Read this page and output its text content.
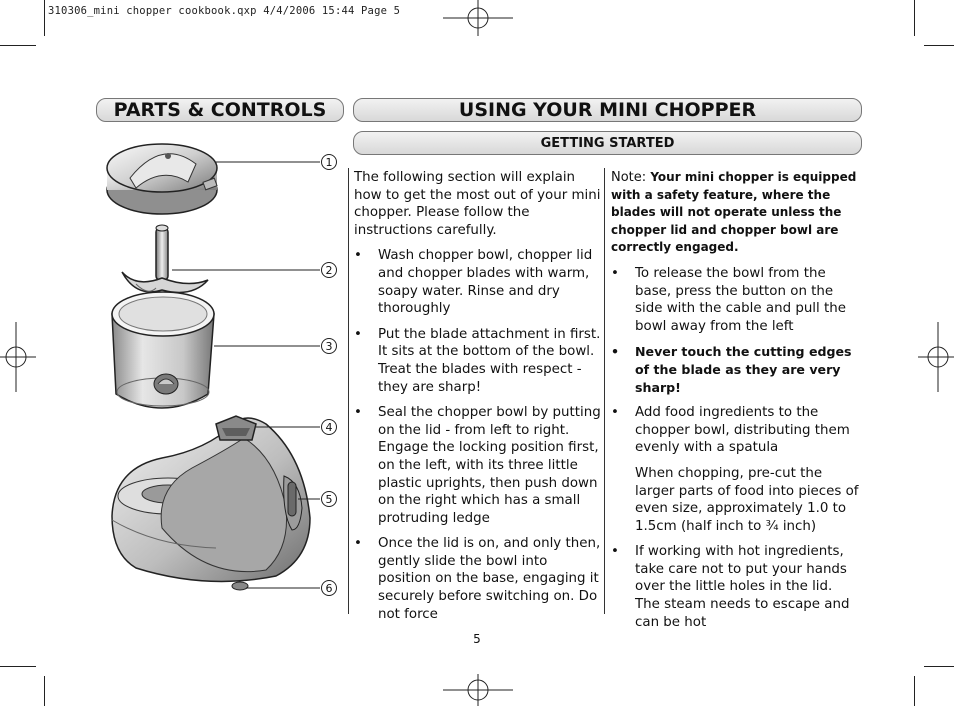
310306_mini chopper cookbook.qxp 4/4/2006 15:44 Page 5
PARTS & CONTROLS	USING YOUR MINI CHOPPER
GETTING STARTED
1
2
3
4
5
6

The following section will explain how to get the most out of your mini chopper. Please follow the instructions carefully.

• Wash chopper bowl, chopper lid and chopper blades with warm, soapy water. Rinse and dry thoroughly
• Put the blade attachment in first. It sits at the bottom of the bowl. Treat the blades with respect - they are sharp!
• Seal the chopper bowl by putting on the lid - from left to right. Engage the locking position first, on the left, with its three little plastic uprights, then push down on the right which has a small protruding ledge
• Once the lid is on, and only then, gently slide the bowl into position on the base, engaging it securely before switching on. Do not force

Note: Your mini chopper is equipped with a safety feature, where the blades will not operate unless the chopper lid and chopper bowl are correctly engaged.

• To release the bowl from the base, press the button on the side with the cable and pull the bowl away from the left
• Never touch the cutting edges of the blade as they are very sharp!
• Add food ingredients to the chopper bowl, distributing them evenly with a spatula
When chopping, pre-cut the larger parts of food into pieces of even size, approximately 1.0 to 1.5cm (half inch to ¾ inch)
• If working with hot ingredients, take care not to put your hands over the little holes in the lid. The steam needs to escape and can be hot
5
